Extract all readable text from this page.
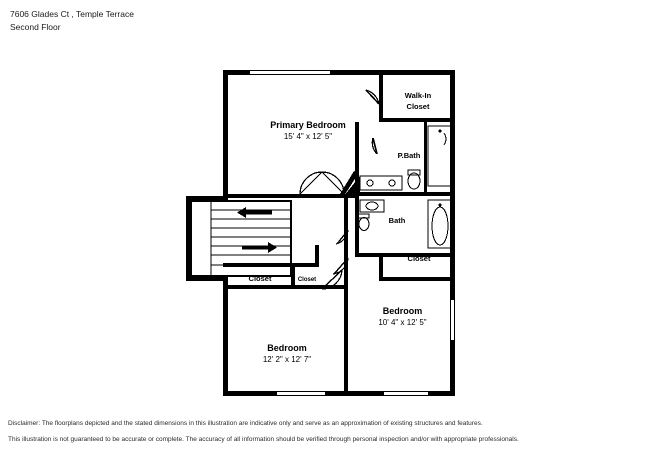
7606 Glades Ct , Temple Terrace
Second Floor
Primary Bedroom
15' 4" x 12' 5"
Walk-In
Closet
P.Bath
Bath
Closet
Closet	Closet
Bedroom
10' 4" x 12' 5"
Bedroom
12' 2" x 12' 7"
Disclaimer: The floorplans depicted and the stated dimensions in this illustration are indicative only and serve as an approximation of existing structures and features.
This illustration is not guaranteed to be accurate or complete. The accuracy of all information should be verified through personal inspection and/or with appropriate professionals.
